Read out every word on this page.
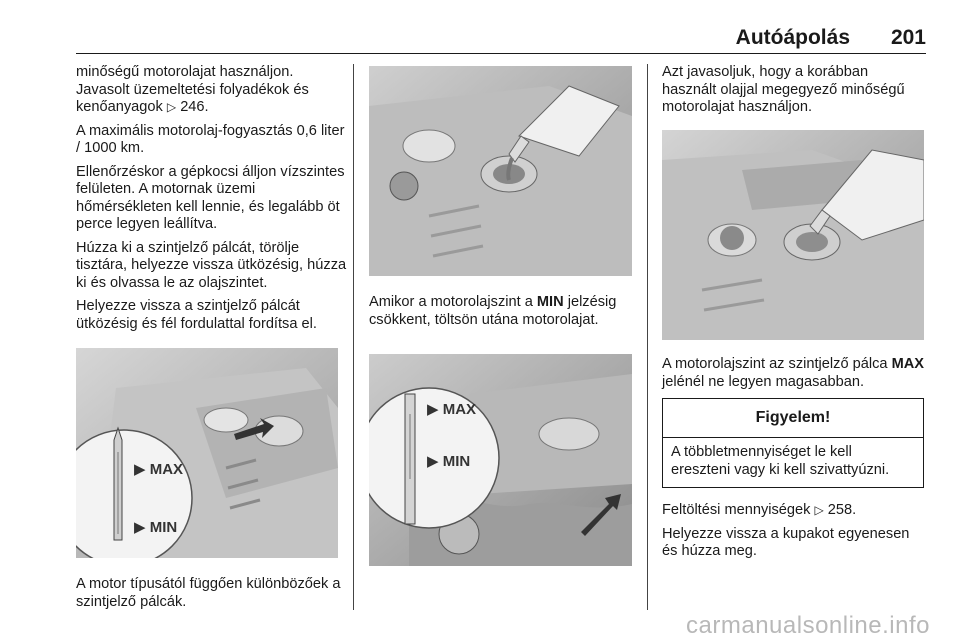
Autóápolás	201

minőségű motorolajat használjon. Javasolt üzemeltetési folyadékok és kenőanyagok ▷ 246.

A maximális motorolaj-fogyasztás 0,6 liter / 1000 km.

Ellenőrzéskor a gépkocsi álljon vízszintes felületen. A motornak üzemi hőmérsékleten kell lennie, és legalább öt perce legyen leállítva.

Húzza ki a szintjelző pálcát, törölje tisztára, helyezze vissza ütközésig, húzza ki és olvassa le az olajszintet.

Helyezze vissza a szintjelző pálcát ütközésig és fél fordulattal fordítsa el.

▶ MAX
▶ MIN
A motor típusától függően különbözőek a szintjelző pálcák.

Amikor a motorolajszint a MIN jelzésig csökkent, töltsön utána motorolajat.

▶ MAX
▶ MIN

Azt javasoljuk, hogy a korábban használt olajjal megegyező minőségű motorolajat használjon.

A motorolajszint az szintjelző pálca MAX jelénél ne legyen magasabban.

Figyelem!
A többletmennyiséget le kell ereszteni vagy ki kell szivattyúzni.

Feltöltési mennyiségek ▷ 258.

Helyezze vissza a kupakot egyenesen és húzza meg.

carmanualsonline.info
